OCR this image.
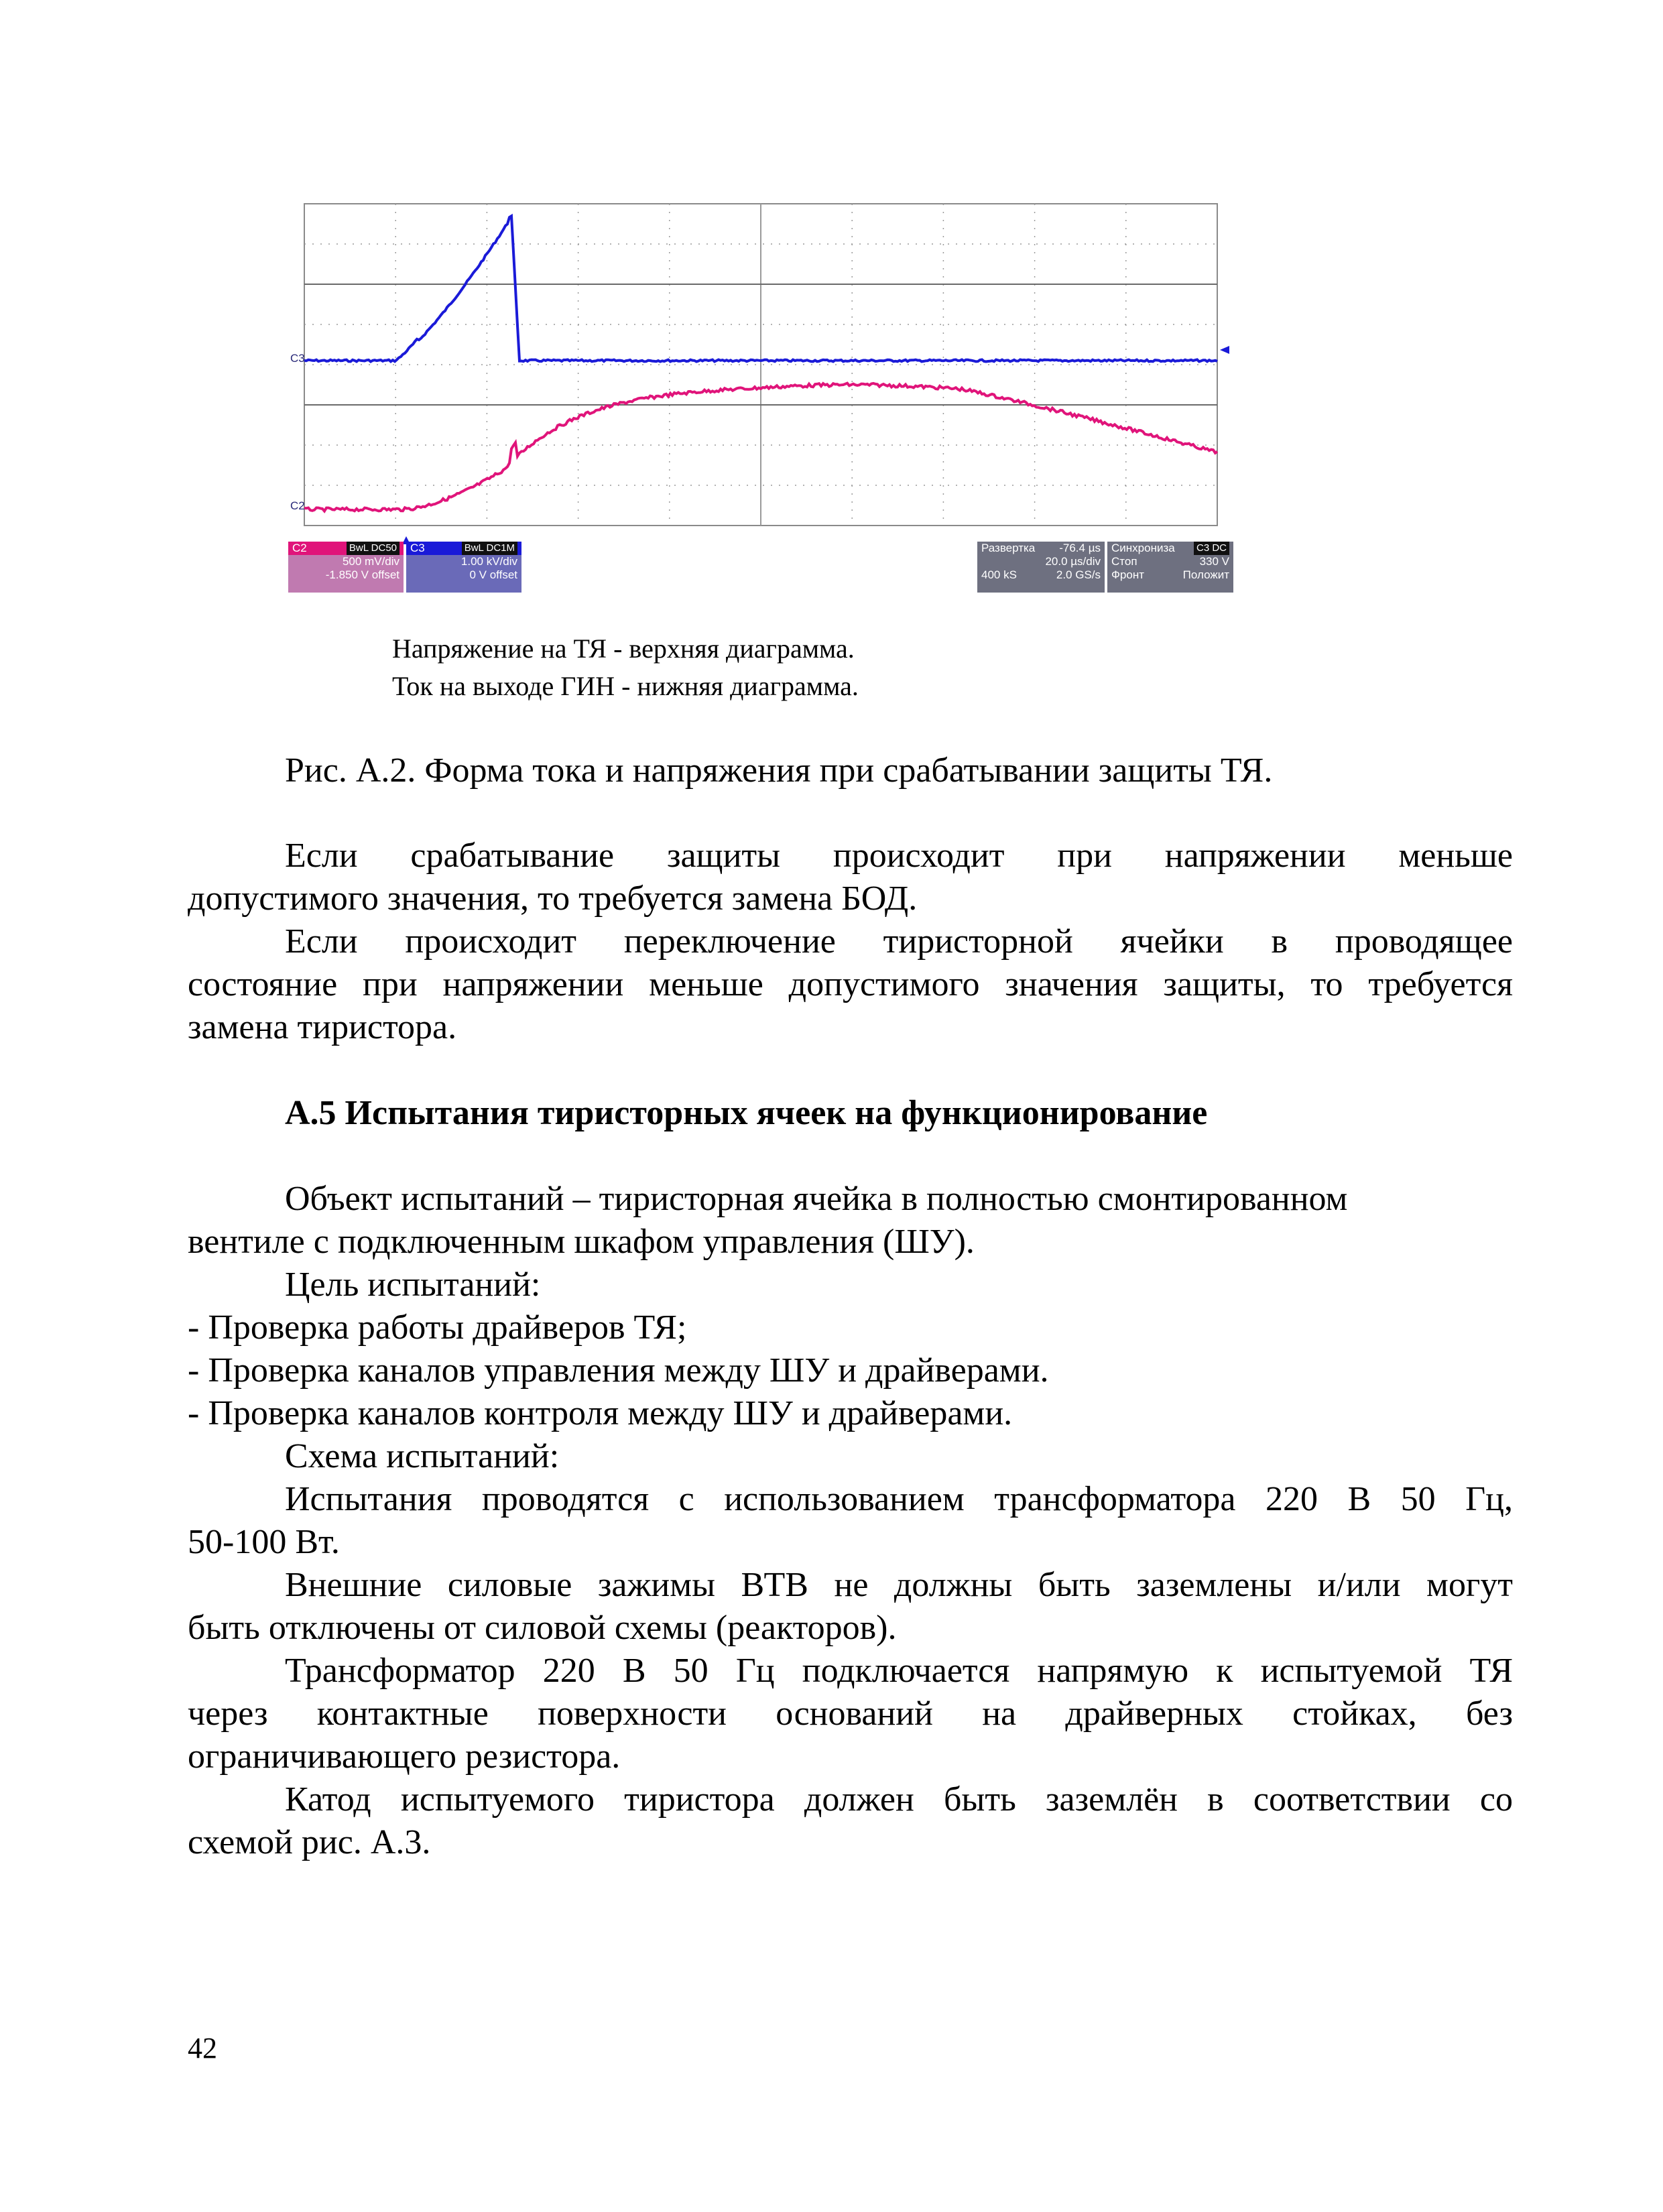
C3
C2
C2	BwL DC50
500 mV/div
-1.850 V offset
C3	BwL DC1M
1.00 kV/div
0 V offset
Развертка -76.4 µs
20.0 µs/div
400 kS	2.0 GS/s
Синхрониза C3 DC
Стоп	330 V
Фронт	Положит
Напряжение на ТЯ - верхняя диаграмма.
Ток на выходе ГИН - нижняя диаграмма.
Рис. А.2. Форма тока и напряжения при срабатывании защиты ТЯ.
Если срабатывание защиты происходит при напряжении меньше
допустимого значения, то требуется замена БОД.
Если происходит переключение тиристорной ячейки в проводящее
состояние при напряжении меньше допустимого значения защиты, то требуется
замена тиристора.
А.5 Испытания тиристорных ячеек на функционирование
Объект испытаний – тиристорная ячейка в полностью смонтированном
вентиле с подключенным шкафом управления (ШУ).
Цель испытаний:
- Проверка работы драйверов ТЯ;
- Проверка каналов управления между ШУ и драйверами.
- Проверка каналов контроля между ШУ и драйверами.
Схема испытаний:
Испытания проводятся с использованием трансформатора 220 В 50 Гц,
50-100 Вт.
Внешние силовые зажимы ВТВ не должны быть заземлены и/или могут
быть отключены от силовой схемы (реакторов).
Трансформатор 220 В 50 Гц подключается напрямую к испытуемой ТЯ
через контактные поверхности оснований на драйверных стойках, без
ограничивающего резистора.
Катод испытуемого тиристора должен быть заземлён в соответствии со
схемой рис. А.3.
42
